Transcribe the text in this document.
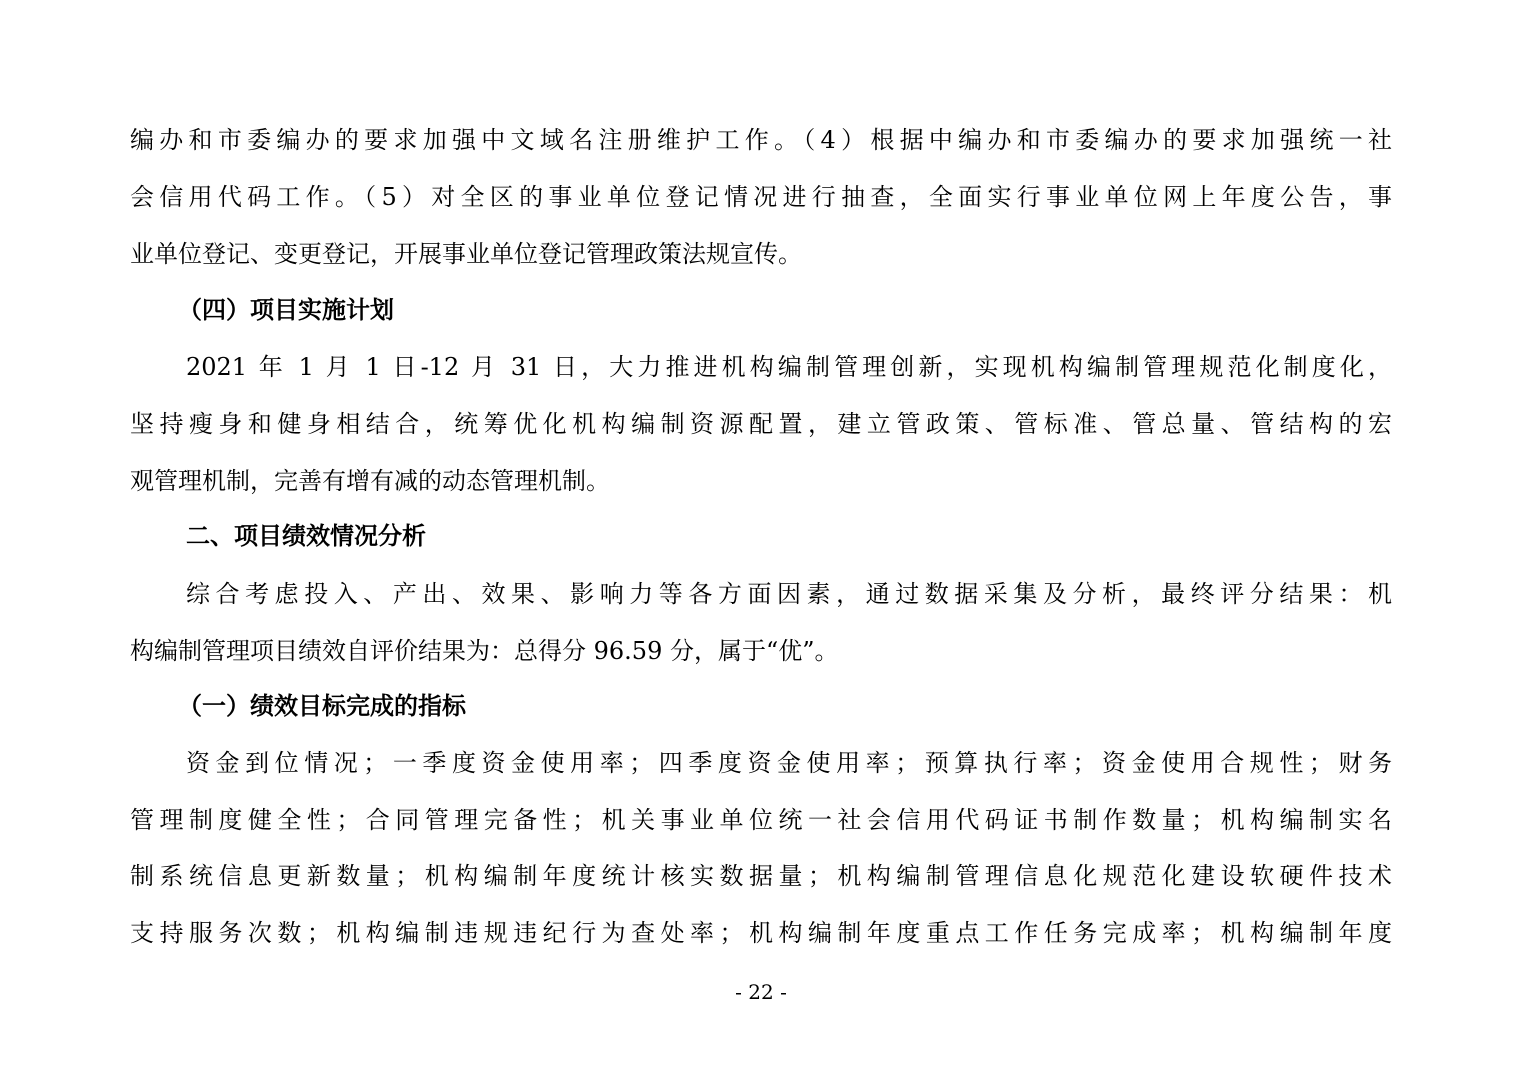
编办和市委编办的要求加强中文域名注册维护工作。（4）根据中编办和市委编办的要求加强统一社
会信用代码工作。（5）对全区的事业单位登记情况进行抽查，全面实行事业单位网上年度公告，事
业单位登记、变更登记，开展事业单位登记管理政策法规宣传。
（四）项目实施计划
2021 年 1 月 1 日-12 月 31 日，大力推进机构编制管理创新，实现机构编制管理规范化制度化，
坚持瘦身和健身相结合，统筹优化机构编制资源配置，建立管政策、管标准、管总量、管结构的宏
观管理机制，完善有增有减的动态管理机制。
二、项目绩效情况分析
综合考虑投入、产出、效果、影响力等各方面因素，通过数据采集及分析，最终评分结果：机
构编制管理项目绩效自评价结果为：总得分 96.59 分，属于“优”。
（一）绩效目标完成的指标
资金到位情况；一季度资金使用率；四季度资金使用率；预算执行率；资金使用合规性；财务
管理制度健全性；合同管理完备性；机关事业单位统一社会信用代码证书制作数量；机构编制实名
制系统信息更新数量；机构编制年度统计核实数据量；机构编制管理信息化规范化建设软硬件技术
支持服务次数；机构编制违规违纪行为查处率；机构编制年度重点工作任务完成率；机构编制年度
- 22 -
